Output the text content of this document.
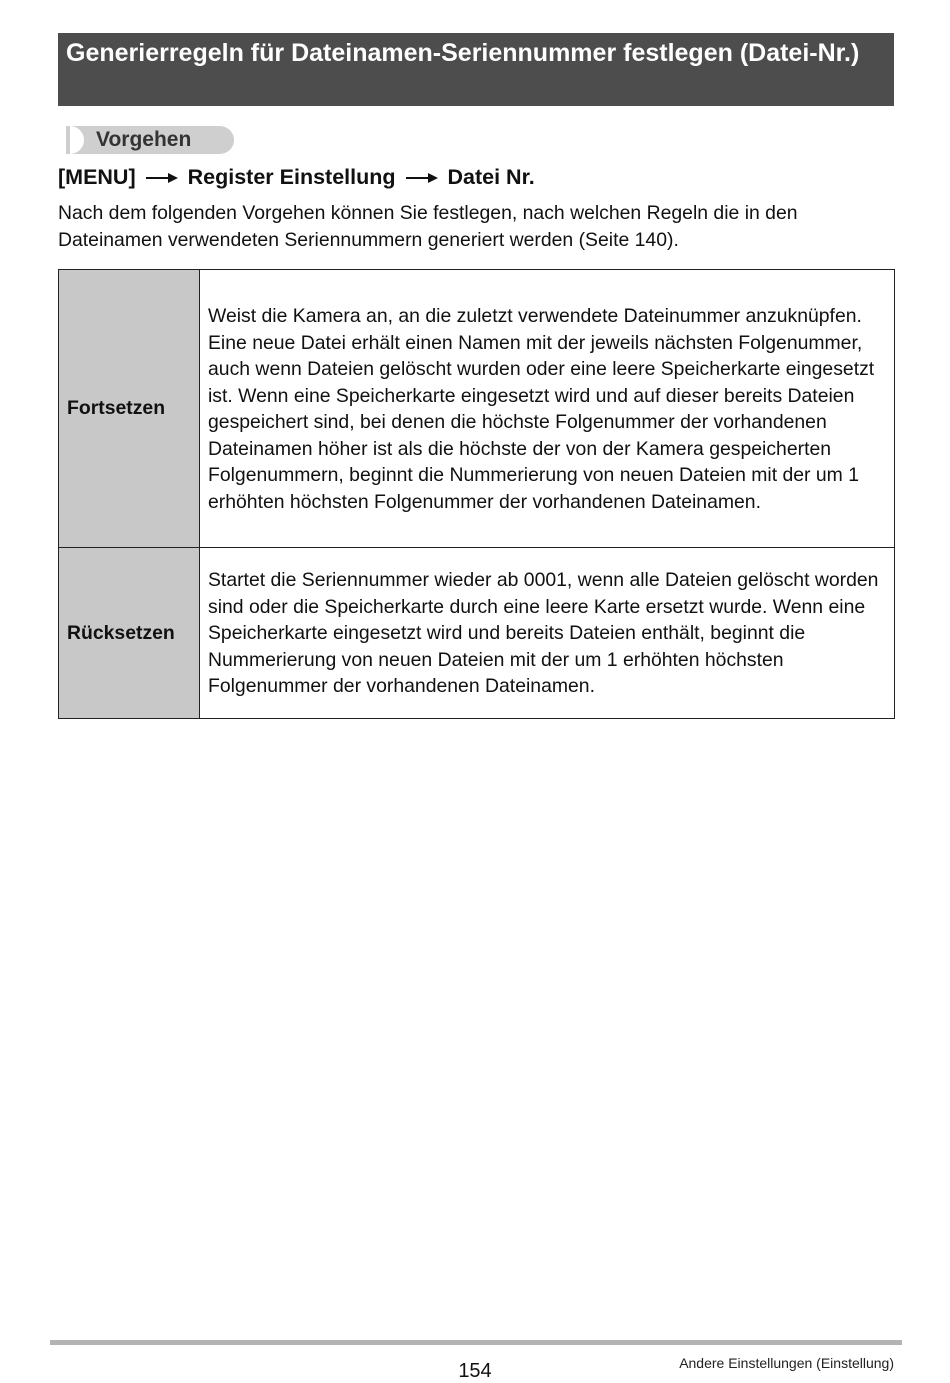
Generierregeln für Dateinamen-Seriennummer festlegen (Datei-Nr.)
Vorgehen
[MENU] Register Einstellung Datei Nr.
Nach dem folgenden Vorgehen können Sie festlegen, nach welchen Regeln die in den Dateinamen verwendeten Seriennummern generiert werden (Seite 140).
Fortsetzen	Weist die Kamera an, an die zuletzt verwendete Dateinummer anzuknüpfen. Eine neue Datei erhält einen Namen mit der jeweils nächsten Folgenummer, auch wenn Dateien gelöscht wurden oder eine leere Speicherkarte eingesetzt ist. Wenn eine Speicherkarte eingesetzt wird und auf dieser bereits Dateien gespeichert sind, bei denen die höchste Folgenummer der vorhandenen Dateinamen höher ist als die höchste der von der Kamera gespeicherten Folgenummern, beginnt die Nummerierung von neuen Dateien mit der um 1 erhöhten höchsten Folgenummer der vorhandenen Dateinamen.
Rücksetzen	Startet die Seriennummer wieder ab 0001, wenn alle Dateien gelöscht worden sind oder die Speicherkarte durch eine leere Karte ersetzt wurde. Wenn eine Speicherkarte eingesetzt wird und bereits Dateien enthält, beginnt die Nummerierung von neuen Dateien mit der um 1 erhöhten höchsten Folgenummer der vorhandenen Dateinamen.
154	Andere Einstellungen (Einstellung)
